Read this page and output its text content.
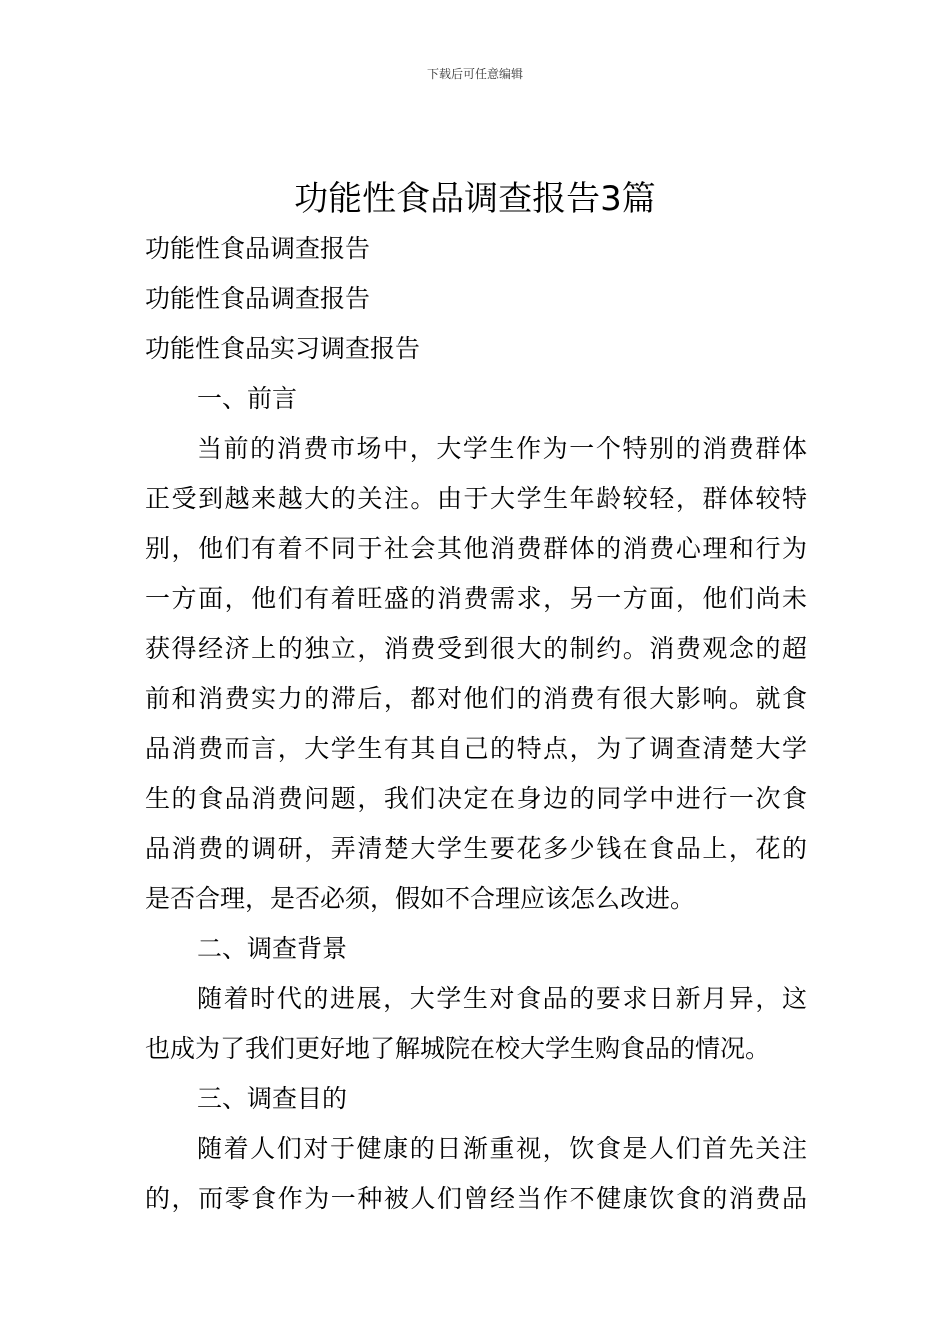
下载后可任意编辑
功能性食品调查报告3篇
功能性食品调查报告
功能性食品调查报告
功能性食品实习调查报告
一、前言
当前的消费市场中，大学生作为一个特别的消费群体
正受到越来越大的关注。由于大学生年龄较轻，群体较特
别，他们有着不同于社会其他消费群体的消费心理和行为
一方面，他们有着旺盛的消费需求，另一方面，他们尚未
获得经济上的独立，消费受到很大的制约。消费观念的超
前和消费实力的滞后，都对他们的消费有很大影响。就食
品消费而言，大学生有其自己的特点，为了调查清楚大学
生的食品消费问题，我们决定在身边的同学中进行一次食
品消费的调研，弄清楚大学生要花多少钱在食品上，花的
是否合理，是否必须，假如不合理应该怎么改进。
二、调查背景
随着时代的进展，大学生对食品的要求日新月异，这
也成为了我们更好地了解城院在校大学生购食品的情况。
三、调查目的
随着人们对于健康的日渐重视，饮食是人们首先关注
的，而零食作为一种被人们曾经当作不健康饮食的消费品
